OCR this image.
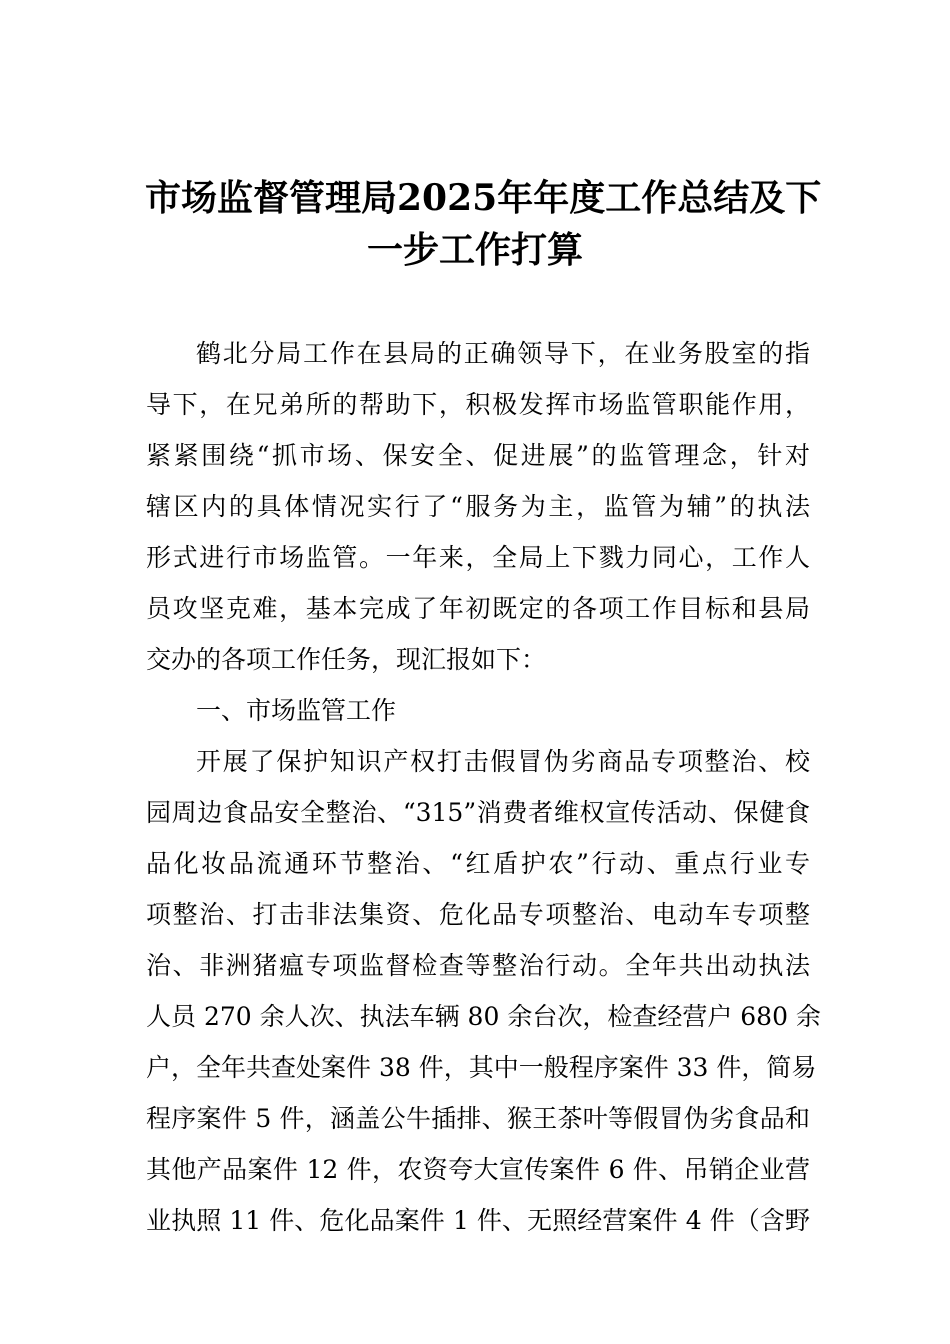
市场监督管理局2025年年度工作总结及下
一步工作打算
鹤北分局工作在县局的正确领导下，在业务股室的指
导下，在兄弟所的帮助下，积极发挥市场监管职能作用，
紧紧围绕“抓市场、保安全、促进展”的监管理念，针对
辖区内的具体情况实行了“服务为主，监管为辅”的执法
形式进行市场监管。一年来，全局上下戮力同心，工作人
员攻坚克难，基本完成了年初既定的各项工作目标和县局
交办的各项工作任务，现汇报如下：
一、市场监管工作
开展了保护知识产权打击假冒伪劣商品专项整治、校
园周边食品安全整治、“315”消费者维权宣传活动、保健食
品化妆品流通环节整治、“红盾护农”行动、重点行业专
项整治、打击非法集资、危化品专项整治、电动车专项整
治、非洲猪瘟专项监督检查等整治行动。全年共出动执法
人员 270 余人次、执法车辆 80 余台次，检查经营户 680 余
户，全年共查处案件 38 件，其中一般程序案件 33 件，简易
程序案件 5 件，涵盖公牛插排、猴王茶叶等假冒伪劣食品和
其他产品案件 12 件，农资夸大宣传案件 6 件、吊销企业营
业执照 11 件、危化品案件 1 件、无照经营案件 4 件（含野
